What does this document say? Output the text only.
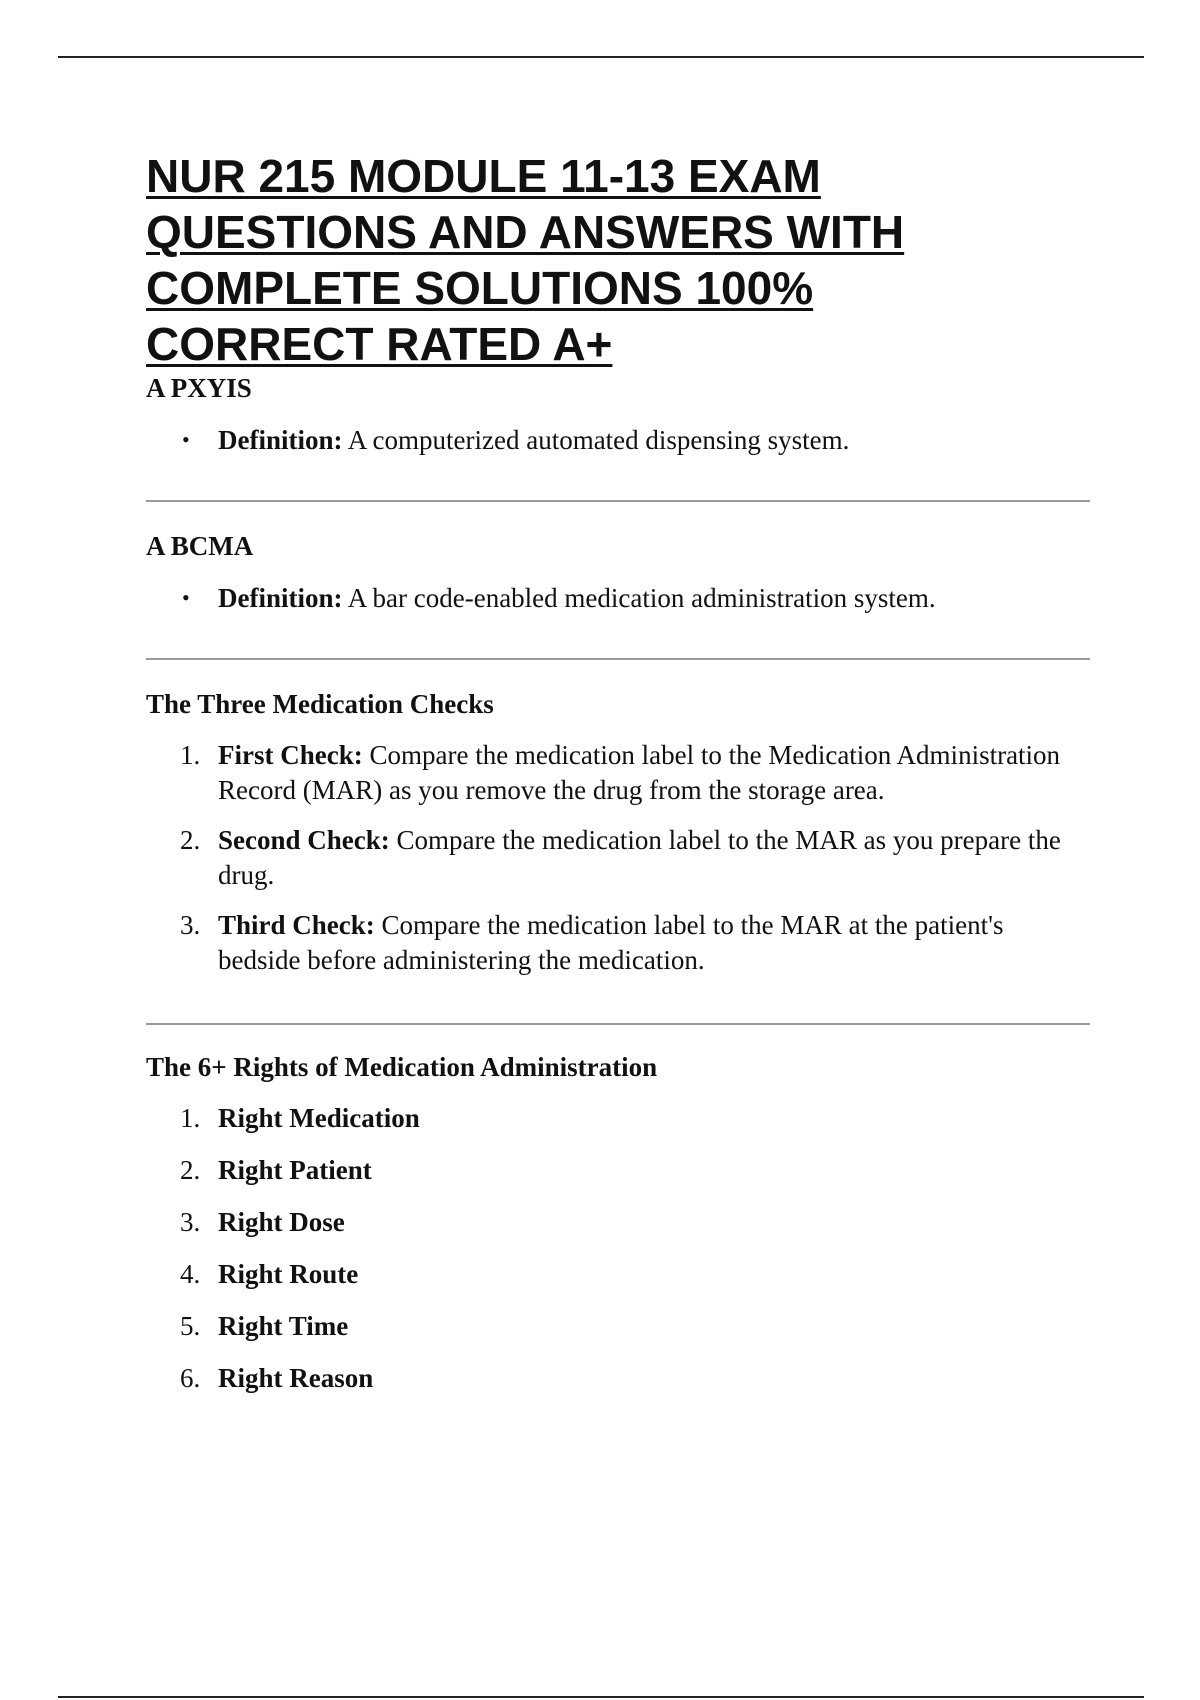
NUR 215 MODULE 11-13 EXAM QUESTIONS AND ANSWERS WITH COMPLETE SOLUTIONS 100% CORRECT RATED A+
A PXYIS
• Definition: A computerized automated dispensing system.
A BCMA
• Definition: A bar code-enabled medication administration system.
The Three Medication Checks
1. First Check: Compare the medication label to the Medication Administration Record (MAR) as you remove the drug from the storage area.
2. Second Check: Compare the medication label to the MAR as you prepare the drug.
3. Third Check: Compare the medication label to the MAR at the patient's bedside before administering the medication.
The 6+ Rights of Medication Administration
1. Right Medication
2. Right Patient
3. Right Dose
4. Right Route
5. Right Time
6. Right Reason
